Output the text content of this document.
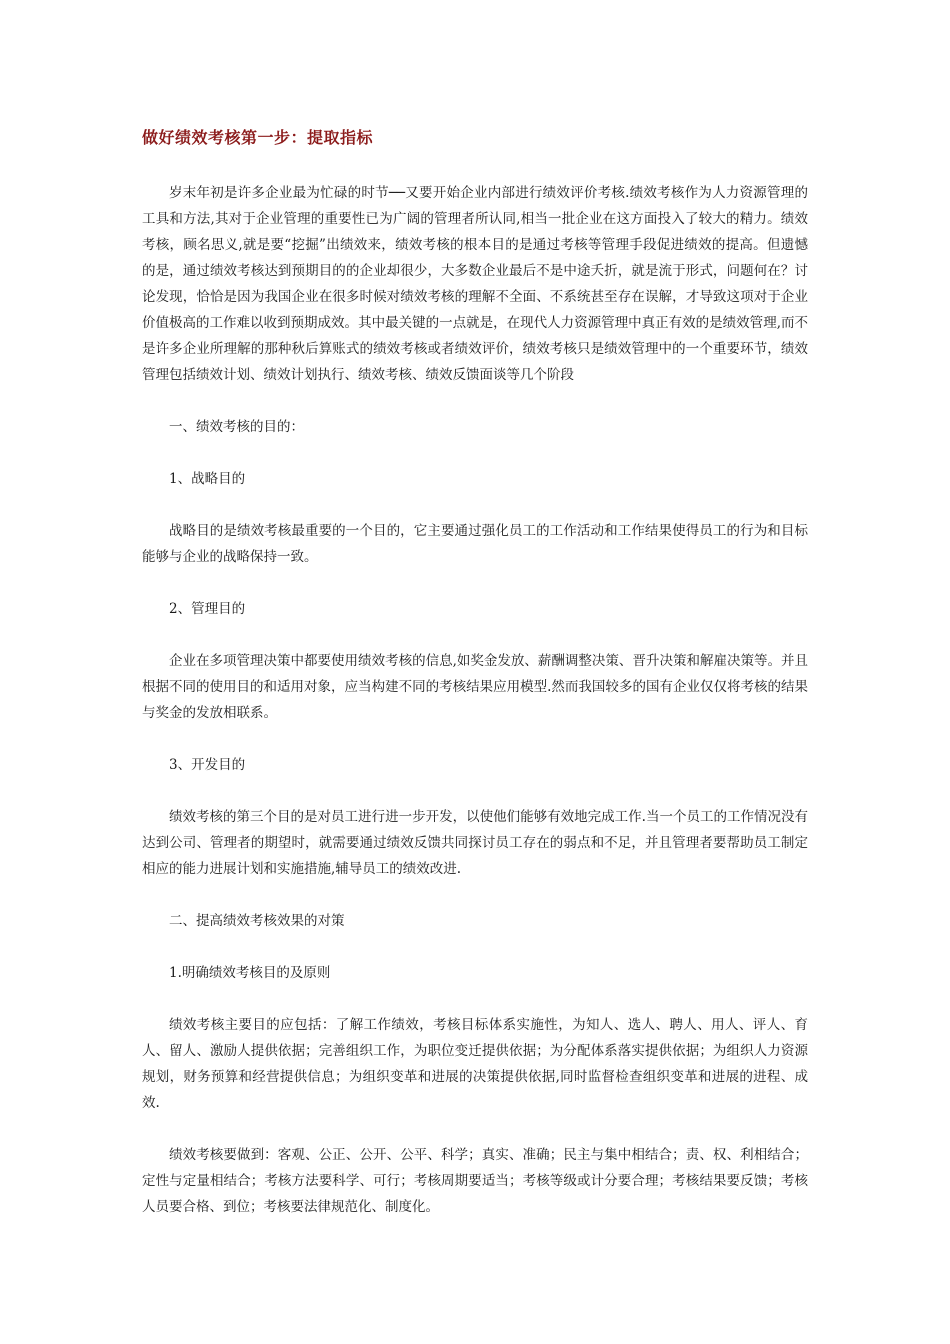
做好绩效考核第一步：提取指标

岁末年初是许多企业最为忙碌的时节──又要开始企业内部进行绩效评价考核.绩效考核作为人力资源管理的工具和方法,其对于企业管理的重要性已为广阔的管理者所认同,相当一批企业在这方面投入了较大的精力。绩效考核，顾名思义,就是要“挖掘”出绩效来，绩效考核的根本目的是通过考核等管理手段促进绩效的提高。但遗憾的是，通过绩效考核达到预期目的的企业却很少，大多数企业最后不是中途夭折，就是流于形式，问题何在？讨论发现，恰恰是因为我国企业在很多时候对绩效考核的理解不全面、不系统甚至存在误解，才导致这项对于企业价值极高的工作难以收到预期成效。其中最关键的一点就是，在现代人力资源管理中真正有效的是绩效管理,而不是许多企业所理解的那种秋后算账式的绩效考核或者绩效评价，绩效考核只是绩效管理中的一个重要环节，绩效管理包括绩效计划、绩效计划执行、绩效考核、绩效反馈面谈等几个阶段

一、绩效考核的目的：

1、战略目的

战略目的是绩效考核最重要的一个目的，它主要通过强化员工的工作活动和工作结果使得员工的行为和目标能够与企业的战略保持一致。

2、管理目的

企业在多项管理决策中都要使用绩效考核的信息,如奖金发放、薪酬调整决策、晋升决策和解雇决策等。并且根据不同的使用目的和适用对象，应当构建不同的考核结果应用模型.然而我国较多的国有企业仅仅将考核的结果与奖金的发放相联系。

3、开发目的

绩效考核的第三个目的是对员工进行进一步开发，以使他们能够有效地完成工作.当一个员工的工作情况没有达到公司、管理者的期望时，就需要通过绩效反馈共同探讨员工存在的弱点和不足，并且管理者要帮助员工制定相应的能力进展计划和实施措施,辅导员工的绩效改进.

二、提高绩效考核效果的对策

1.明确绩效考核目的及原则

绩效考核主要目的应包括：了解工作绩效，考核目标体系实施性，为知人、选人、聘人、用人、评人、育人、留人、激励人提供依据；完善组织工作，为职位变迁提供依据；为分配体系落实提供依据；为组织人力资源规划，财务预算和经营提供信息；为组织变革和进展的决策提供依据,同时监督检查组织变革和进展的进程、成效.

绩效考核要做到：客观、公正、公开、公平、科学；真实、准确；民主与集中相结合；责、权、利相结合；定性与定量相结合；考核方法要科学、可行；考核周期要适当；考核等级或计分要合理；考核结果要反馈；考核人员要合格、到位；考核要法律规范化、制度化。
